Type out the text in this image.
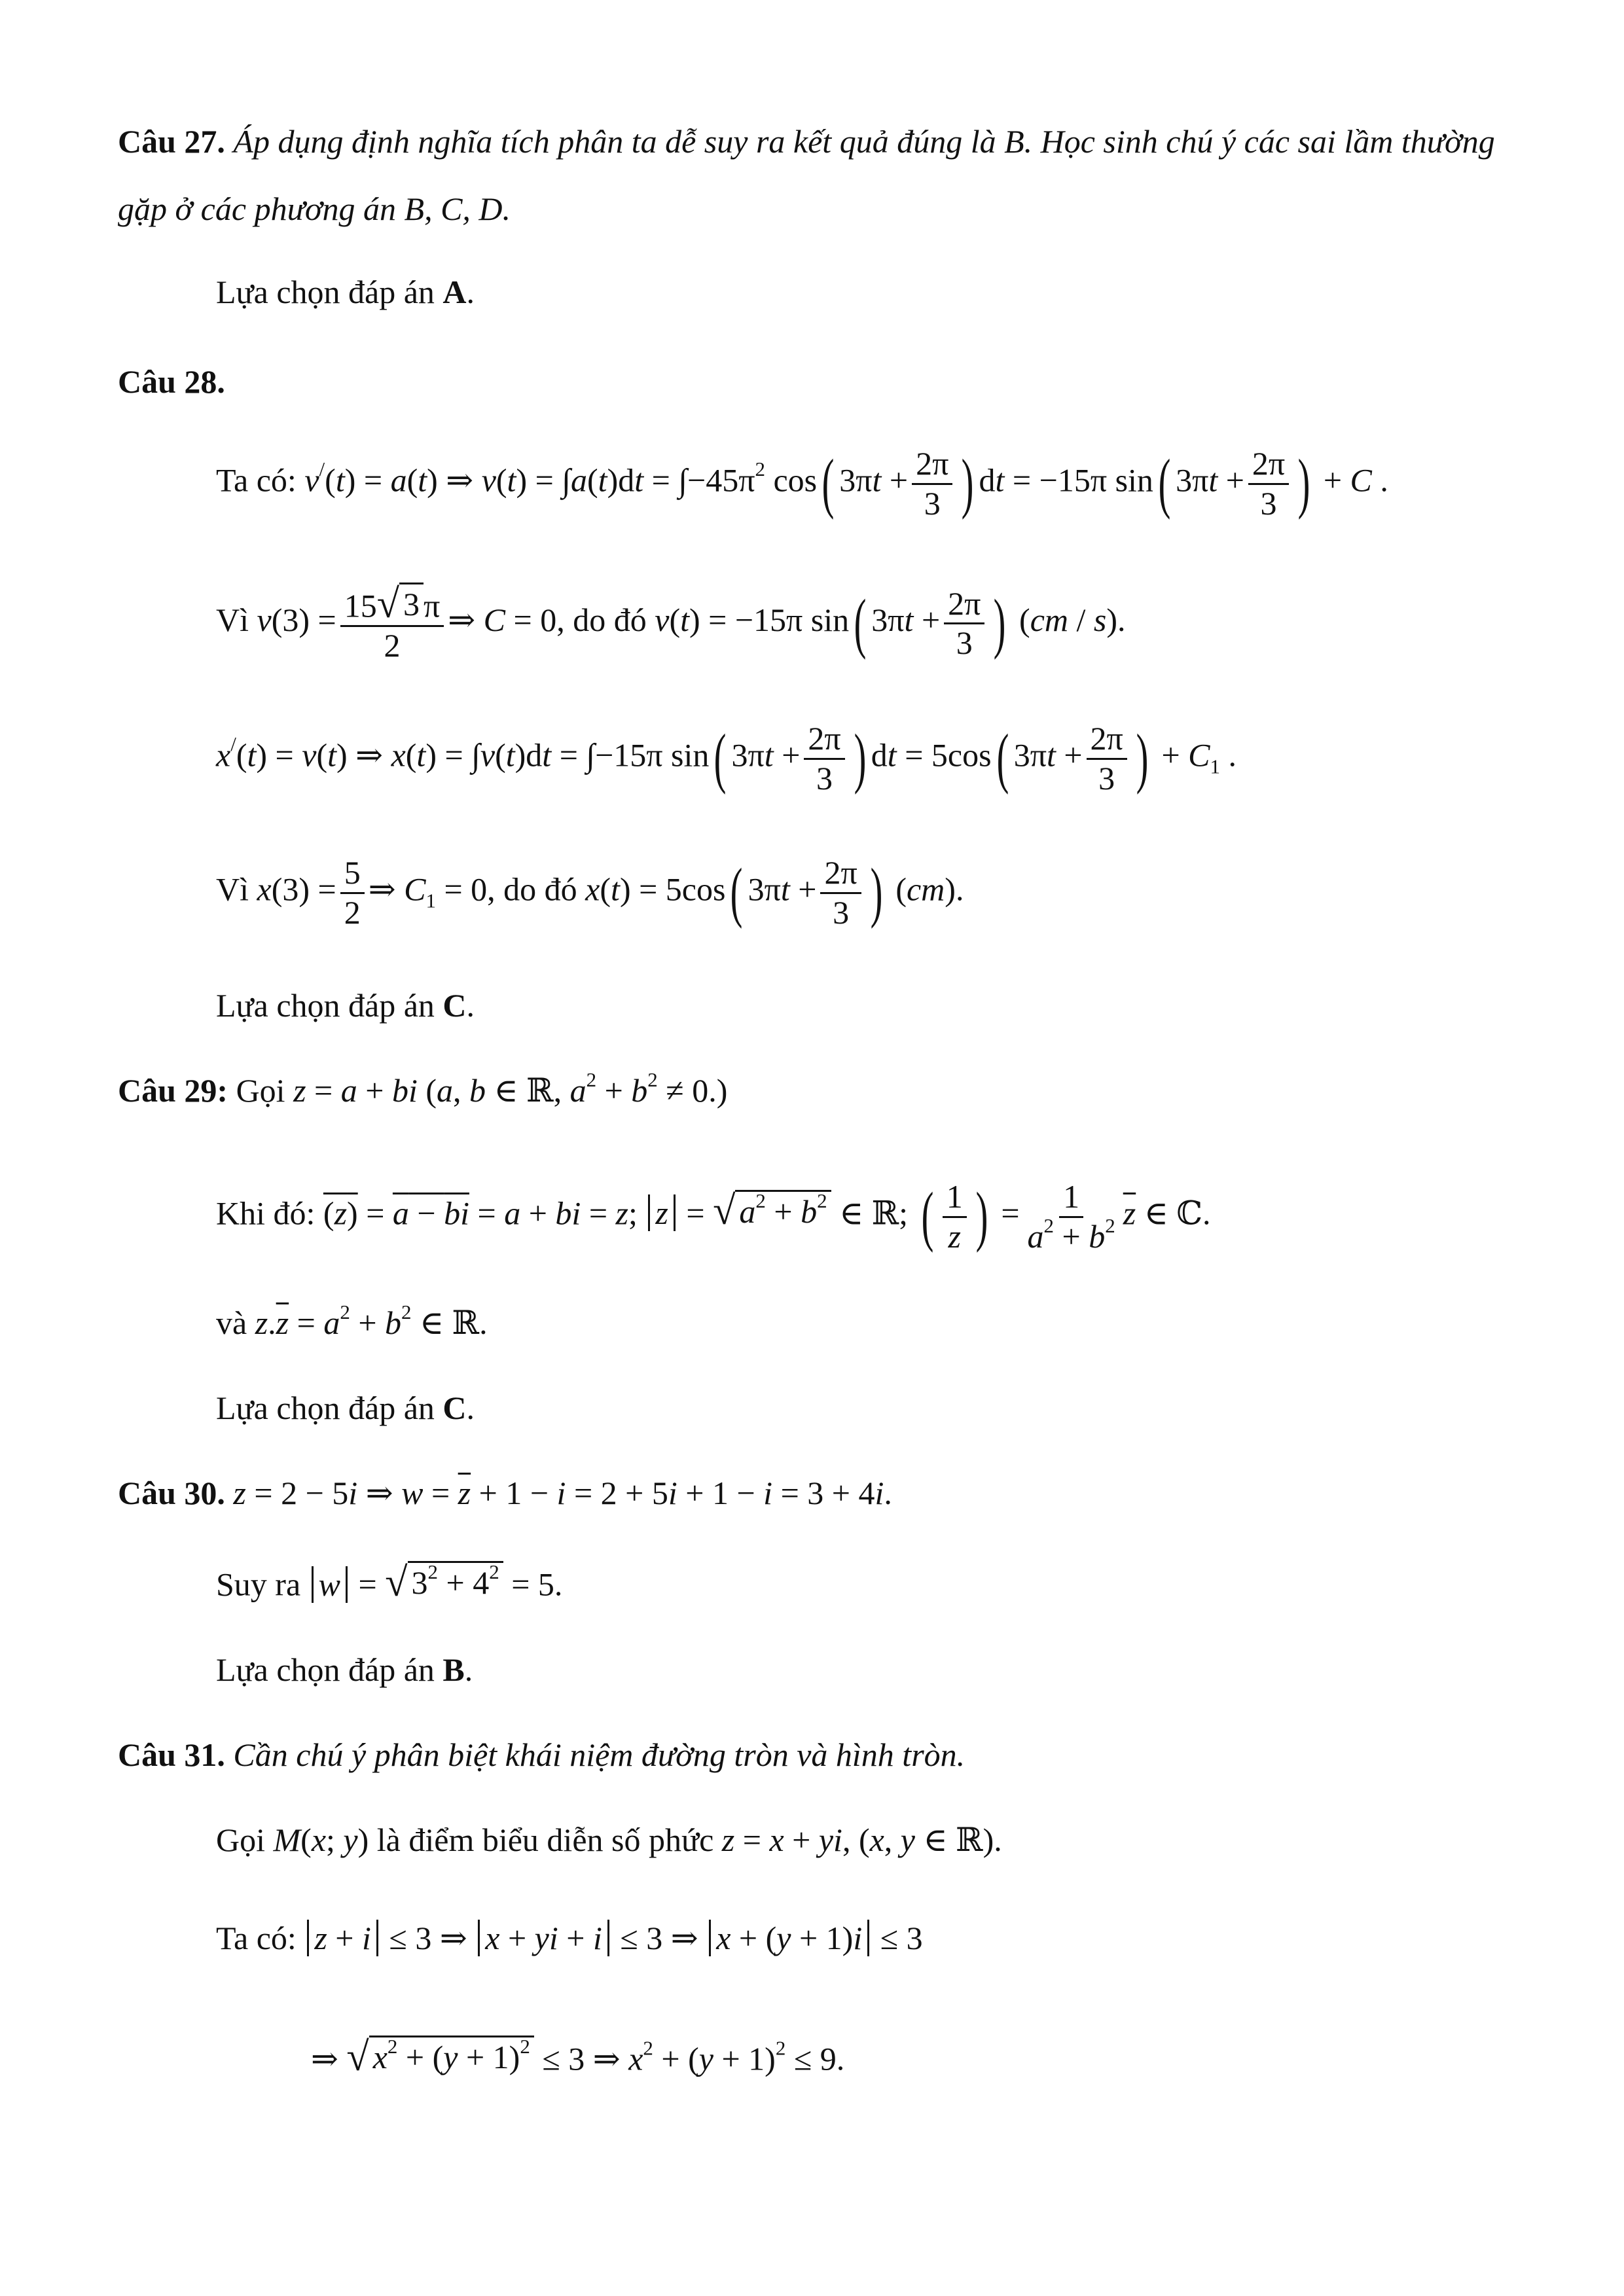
Câu 27. Áp dụng định nghĩa tích phân ta dễ suy ra kết quả đúng là B. Học sinh chú ý các sai lầm thường
gặp ở các phương án B, C, D.
Lựa chọn đáp án A.
Câu 28.
Ta có: v/(t) = a(t) ⇒ $v(t) = \int a(t)dt = \int-45\pi^2$ cos( $3\pi t + \frac{2\pi}{3}$ ) dt = −15π sin( $3\pi t + \frac{2\pi}{3}$ ) + C .
Vì $v(3) = \frac{15 √ 3 \pi}{2}$ ⇒ C = 0, do đó v(t) = −15π sin( $3\pi t + \frac{2\pi}{3}$ ) (cm / s).
x/(t) = v(t) ⇒ x(t) = ∫v(t)dt = ∫−15π sin( $3\pi t + \frac{2\pi}{3}$ ) dt = 5cos( $3\pi t + \frac{2\pi}{3}$ ) + $C_1$ .
Vì $x(3) = \frac{5}{2}$ ⇒ $C_1 = 0$, do đó x(t) = 5cos( $3\pi t + \frac{2\pi}{3}$ ) (cm).
Lựa chọn đáp án C.
Câu 29: Gọi z = a + bi (a, b ∈ ℝ, $a^2 + b^2 \ne 0$.)
Khi đó: (z) = a − bi = a + bi = z; z = √ $a^2 + b^2$ ∈ ℝ; ( $\frac{1}{z}$ ) = $\frac{1}{a^2 + b^2} \overline{z}$ ∈ ℂ.
và $z.\overline{z} = a^2 + b^2$ ∈ ℝ.
Lựa chọn đáp án C.
Câu 30. z = 2 − 5i ⇒ $w = \overline{z} + 1 - i = 2 + 5i + 1 - i = 3 + 4i$.
Suy ra w = √ $3^2 + 4^2 = 5$.
Lựa chọn đáp án B.
Câu 31. Cần chú ý phân biệt khái niệm đường tròn và hình tròn.
Gọi M(x; y) là điểm biểu diễn số phức z = x + yi, (x, y ∈ ℝ).
Ta có: z + i ≤ 3 ⇒ x + yi + i ≤ 3 ⇒ x + (y + 1)i ≤ 3
⇒ √ $x^2 + (y + 1)^2 \le 3$ ⇒ $x^2 + (y + 1)^2 \le 9$.
